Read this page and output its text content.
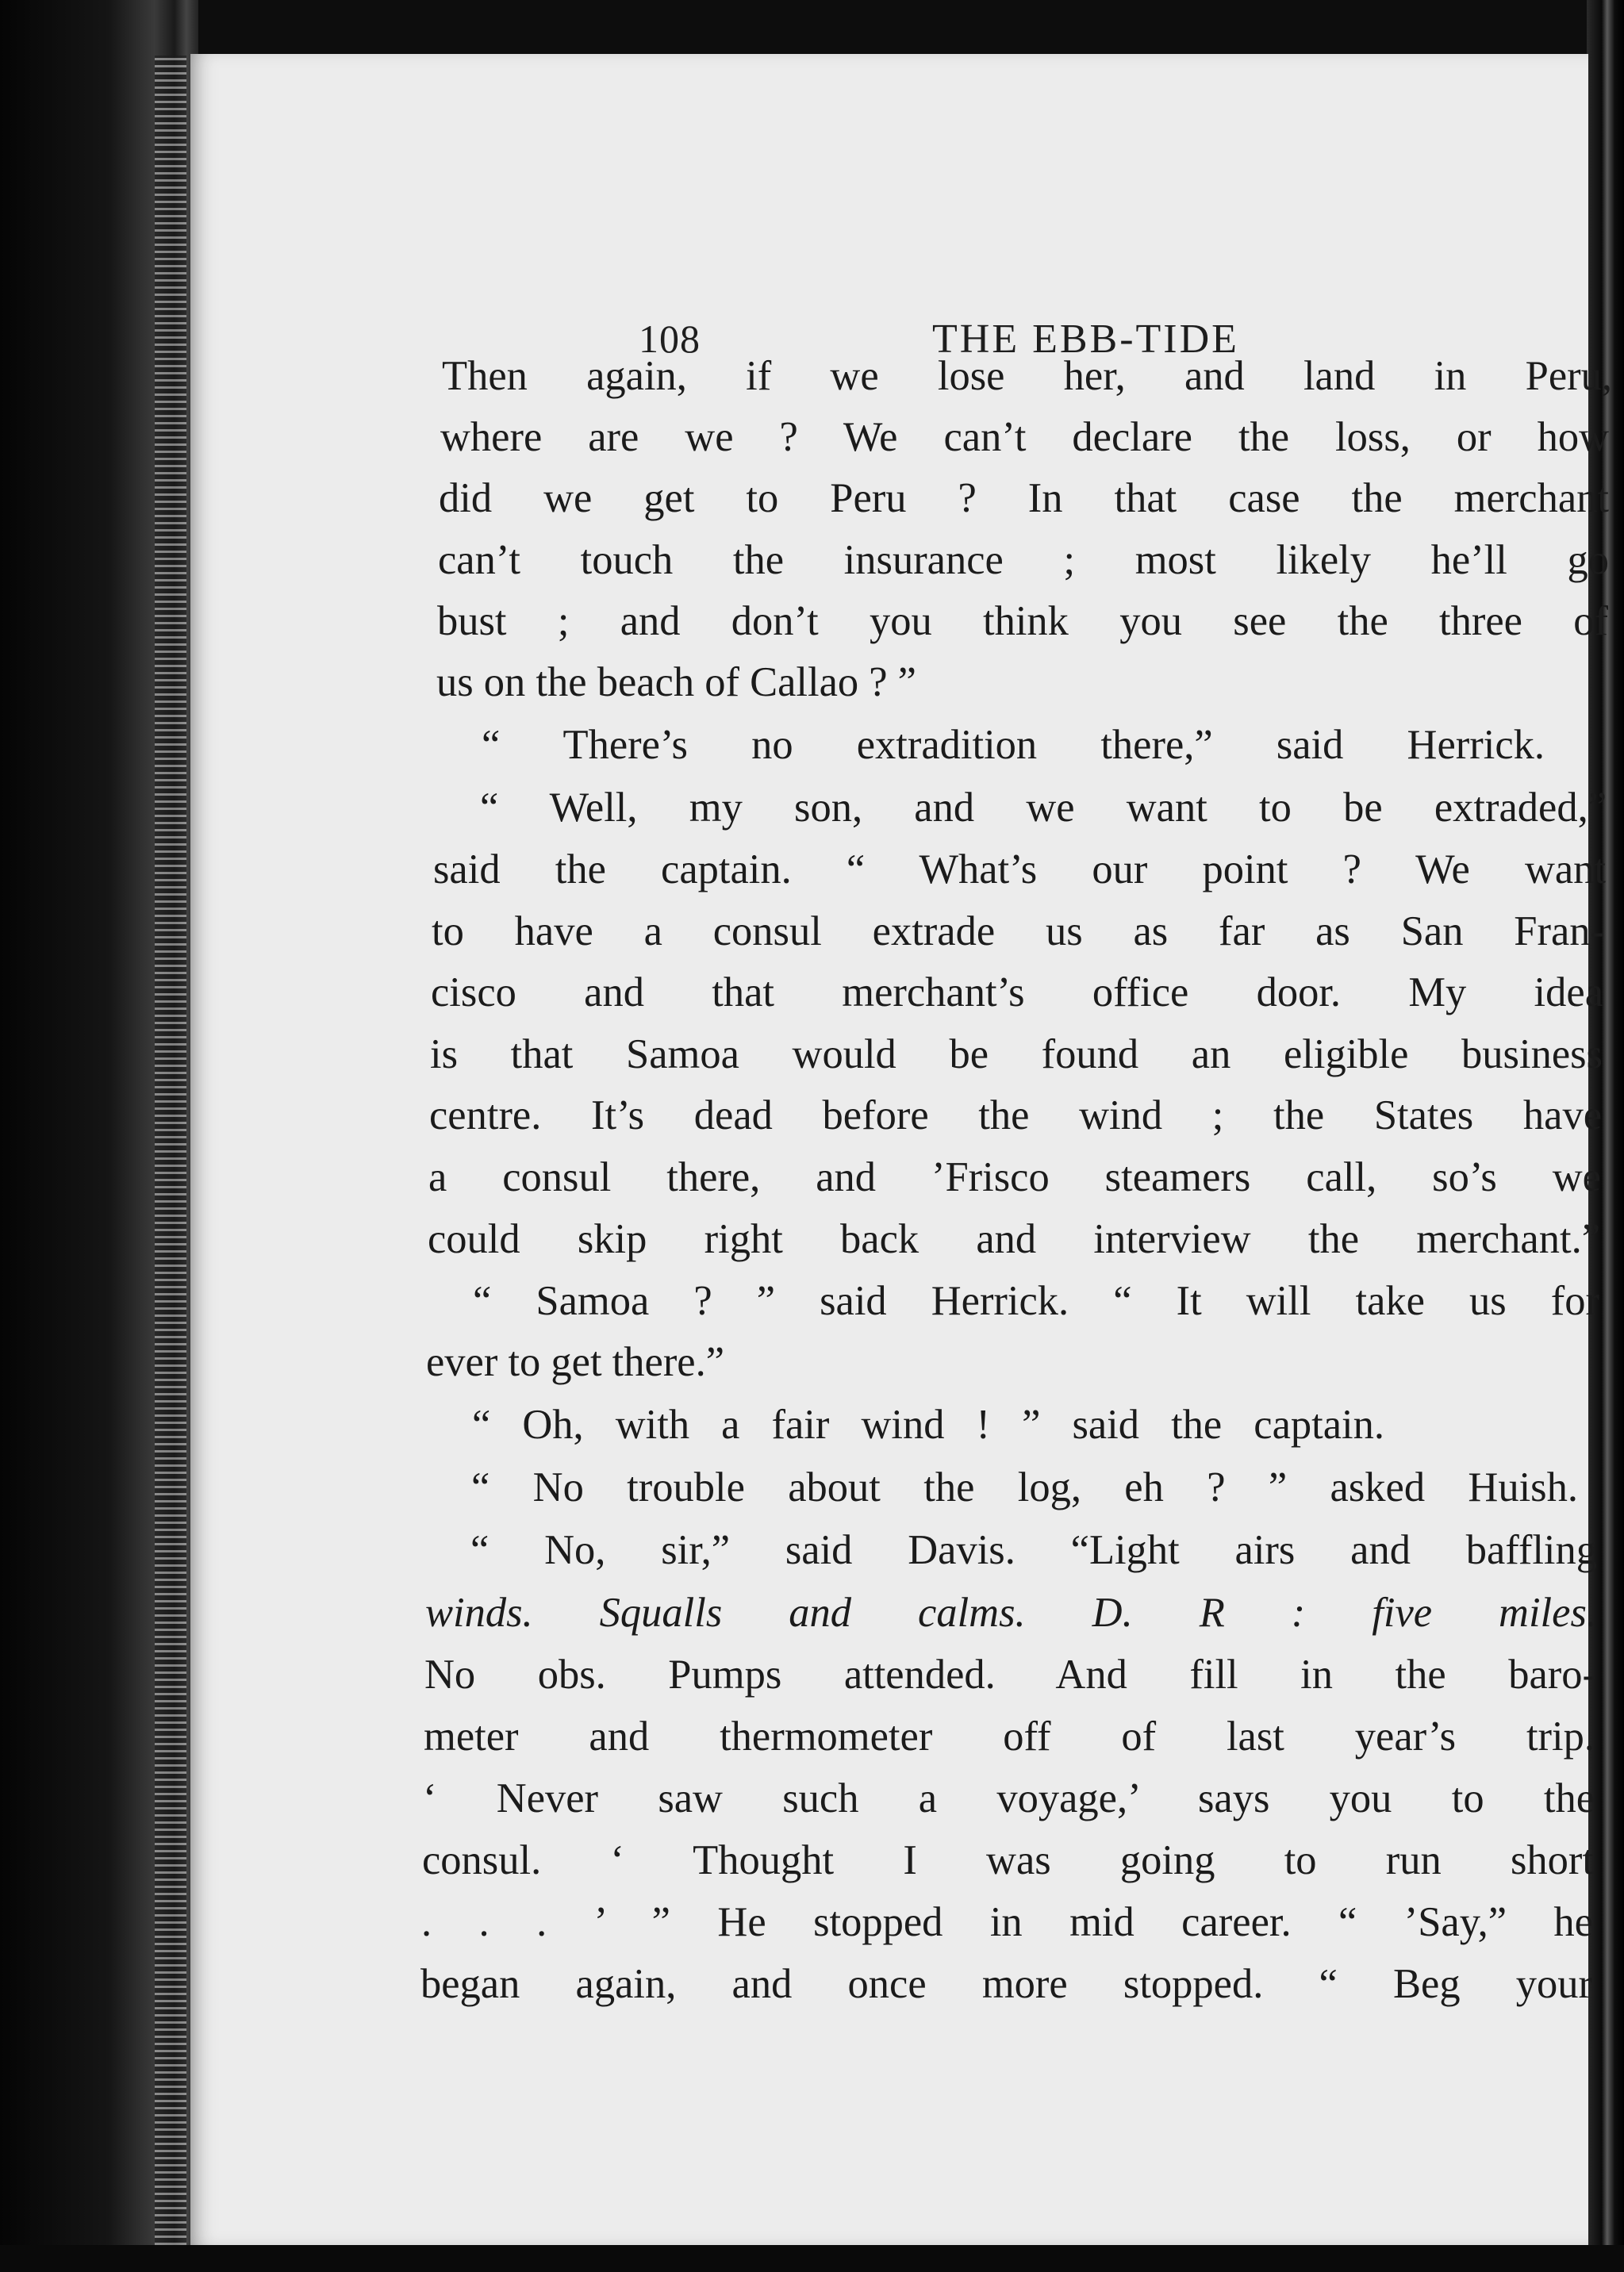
108	THE EBB-TIDE
Then again, if we lose her, and land in Peru,
where are we ? We can’t declare the loss, or how
did we get to Peru ? In that case the merchant
can’t touch the insurance ; most likely he’ll go
bust ; and don’t you think you see the three of
us on the beach of Callao ? ”
“ There’s no extradition there,” said Herrick.
“ Well, my son, and we want to be extraded,”
said the captain. “ What’s our point ? We want
to have a consul extrade us as far as San Fran-
cisco and that merchant’s office door. My idea
is that Samoa would be found an eligible business
centre. It’s dead before the wind ; the States have
a consul there, and ’Frisco steamers call, so’s we
could skip right back and interview the merchant.”
“ Samoa ? ” said Herrick. “ It will take us for
ever to get there.”
“ Oh, with a fair wind ! ” said the captain.
“ No trouble about the log, eh ? ” asked Huish.
“ No, sir,” said Davis. “Light airs and baffling
winds. Squalls and calms. D. R : five miles.
No obs. Pumps attended. And fill in the baro-
meter and thermometer off of last year’s trip.
‘ Never saw such a voyage,’ says you to the
consul. ‘ Thought I was going to run short
. . . ’ ” He stopped in mid career. “ ’Say,” he
began again, and once more stopped. “ Beg your
